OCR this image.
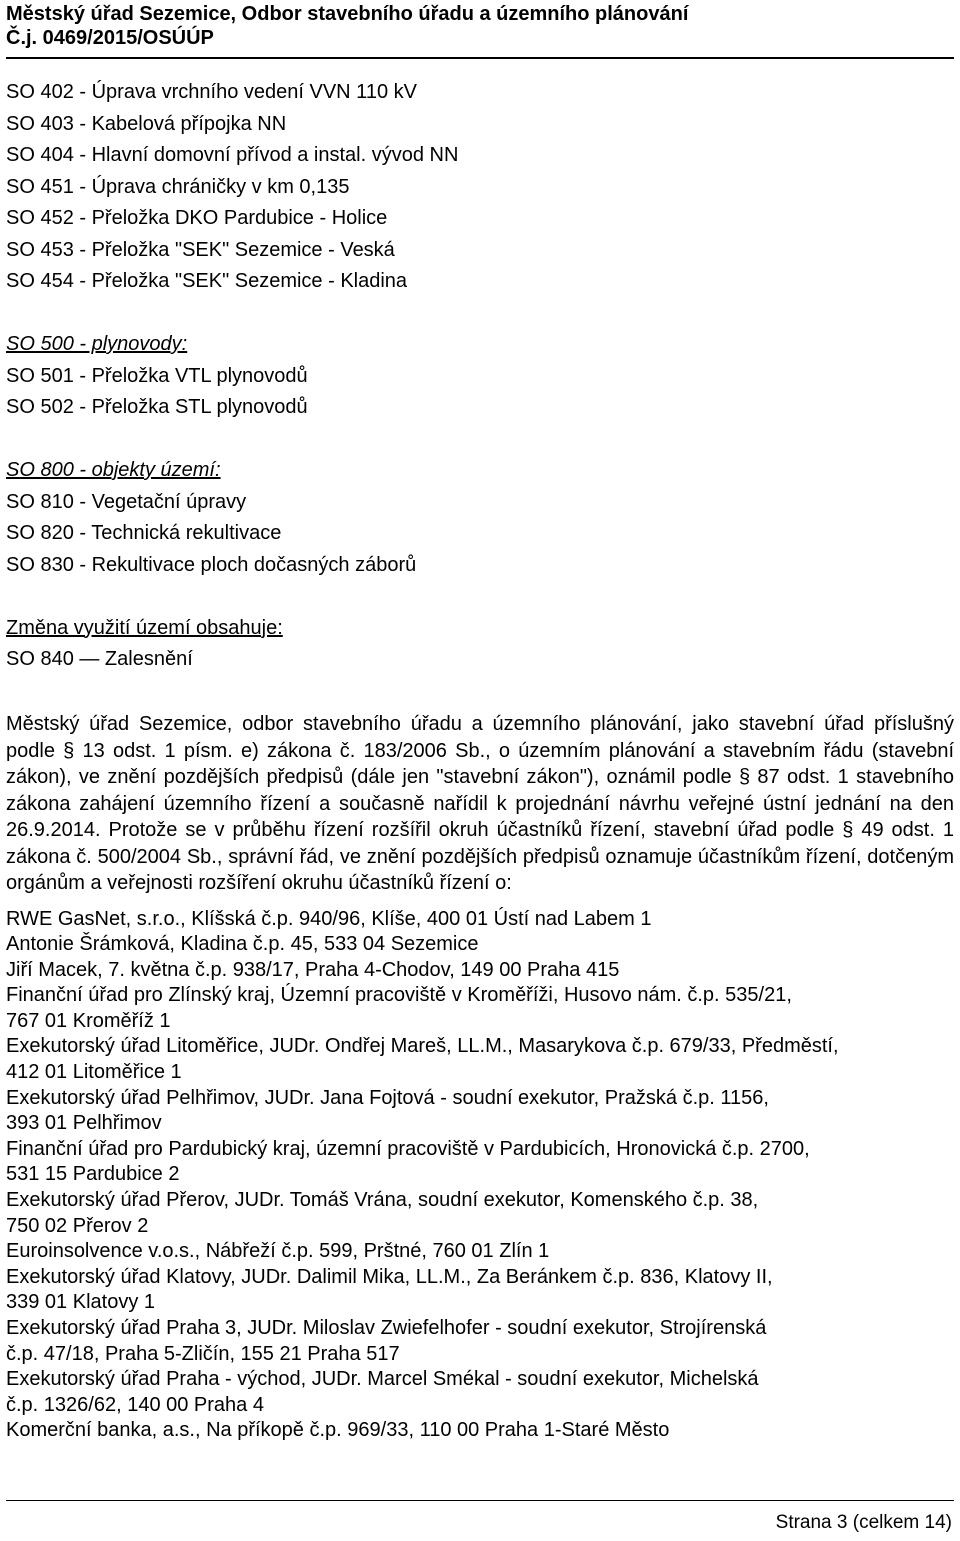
Městský úřad Sezemice, Odbor stavebního úřadu a územního plánování
Č.j. 0469/2015/OSÚÚP
SO 402 - Úprava vrchního vedení VVN 110 kV
SO 403 - Kabelová přípojka NN
SO 404 - Hlavní domovní přívod a instal. vývod NN
SO 451 - Úprava chráničky v km 0,135
SO 452 - Přeložka DKO Pardubice - Holice
SO 453 - Přeložka "SEK" Sezemice - Veská
SO 454 - Přeložka "SEK" Sezemice - Kladina
SO 500 - plynovody:
SO 501 - Přeložka VTL plynovodů
SO 502 - Přeložka STL plynovodů
SO 800 - objekty území:
SO 810 - Vegetační úpravy
SO 820 - Technická rekultivace
SO 830 - Rekultivace ploch dočasných záborů
Změna využití území obsahuje:
SO 840 — Zalesnění
Městský úřad Sezemice, odbor stavebního úřadu a územního plánování, jako stavební úřad příslušný podle § 13 odst. 1 písm. e) zákona č. 183/2006 Sb., o územním plánování a stavebním řádu (stavební zákon), ve znění pozdějších předpisů (dále jen "stavební zákon"), oznámil podle § 87 odst. 1 stavebního zákona zahájení územního řízení a současně nařídil k projednání návrhu veřejné ústní jednání na den 26.9.2014. Protože se v průběhu řízení rozšířil okruh účastníků řízení, stavební úřad podle § 49 odst. 1 zákona č. 500/2004 Sb., správní řád, ve znění pozdějších předpisů oznamuje účastníkům řízení, dotčeným orgánům a veřejnosti rozšíření okruhu účastníků řízení o:
RWE GasNet, s.r.o., Klíšská č.p. 940/96, Klíše, 400 01 Ústí nad Labem 1
Antonie Šrámková, Kladina č.p. 45, 533 04 Sezemice
Jiří Macek, 7. května č.p. 938/17, Praha 4-Chodov, 149 00 Praha 415
Finanční úřad pro Zlínský kraj, Územní pracoviště v Kroměříži, Husovo nám. č.p. 535/21,
767 01 Kroměříž 1
Exekutorský úřad Litoměřice, JUDr. Ondřej Mareš, LL.M., Masarykova č.p. 679/33, Předměstí,
412 01 Litoměřice 1
Exekutorský úřad Pelhřimov, JUDr. Jana Fojtová - soudní exekutor, Pražská č.p. 1156,
393 01 Pelhřimov
Finanční úřad pro Pardubický kraj, územní pracoviště v Pardubicích, Hronovická č.p. 2700,
531 15 Pardubice 2
Exekutorský úřad Přerov, JUDr. Tomáš Vrána, soudní exekutor, Komenského č.p. 38,
750 02 Přerov 2
Euroinsolvence v.o.s., Nábřeží č.p. 599, Prštné, 760 01 Zlín 1
Exekutorský úřad Klatovy, JUDr. Dalimil Mika, LL.M., Za Beránkem č.p. 836, Klatovy II,
339 01 Klatovy 1
Exekutorský úřad Praha 3, JUDr. Miloslav Zwiefelhofer - soudní exekutor, Strojírenská
č.p. 47/18, Praha 5-Zličín, 155 21 Praha 517
Exekutorský úřad Praha - východ, JUDr. Marcel Smékal - soudní exekutor, Michelská
č.p. 1326/62, 140 00 Praha 4
Komerční banka, a.s., Na příkopě č.p. 969/33, 110 00 Praha 1-Staré Město
Strana 3 (celkem 14)
